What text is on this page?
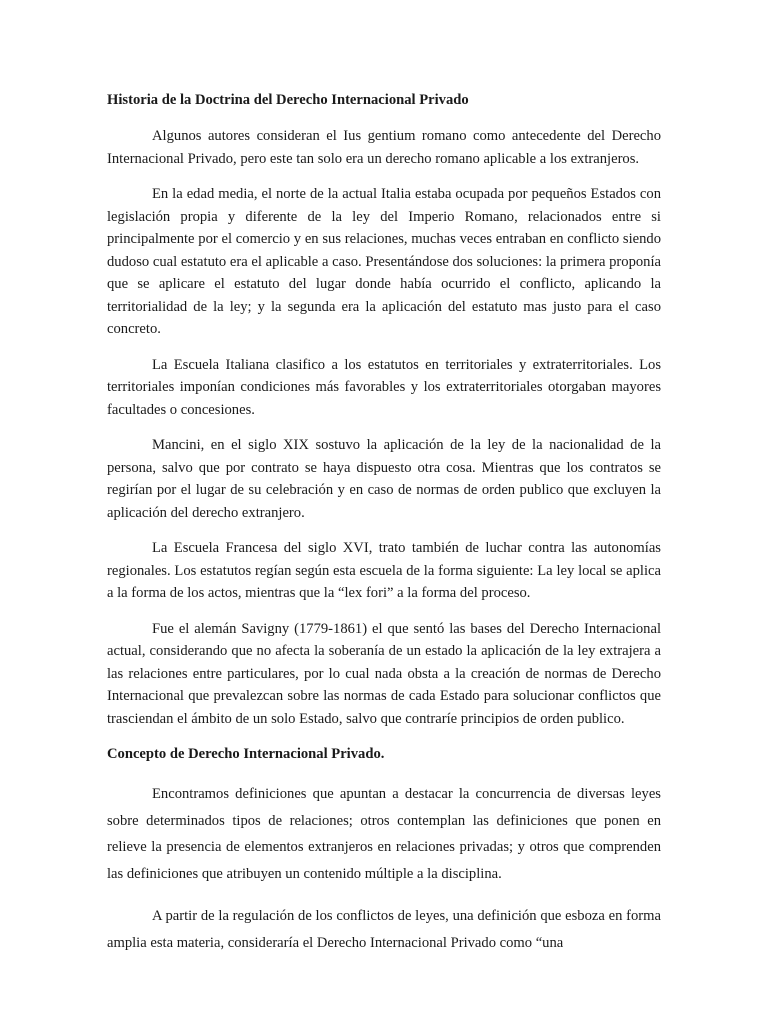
Historia de la Doctrina del Derecho Internacional Privado

Algunos autores consideran el Ius gentium romano como antecedente del Derecho Internacional Privado, pero este tan solo era un derecho romano aplicable a los extranjeros.

En la edad media, el norte de la actual Italia estaba ocupada por pequeños Estados con legislación propia y diferente de la ley del Imperio Romano, relacionados entre si principalmente por el comercio y en sus relaciones, muchas veces entraban en conflicto siendo dudoso cual estatuto era el aplicable a caso. Presentándose dos soluciones: la primera proponía que se aplicare el estatuto del lugar donde había ocurrido el conflicto, aplicando la territorialidad de la ley; y la segunda era la aplicación del estatuto mas justo para el caso concreto.

La Escuela Italiana clasifico a los estatutos en territoriales y extraterritoriales. Los territoriales imponían condiciones más favorables y los extraterritoriales otorgaban mayores facultades o concesiones.

Mancini, en el siglo XIX sostuvo la aplicación de la ley de la nacionalidad de la persona, salvo que por contrato se haya dispuesto otra cosa. Mientras que los contratos se regirían por el lugar de su celebración y en caso de normas de orden publico que excluyen la aplicación del derecho extranjero.

La Escuela Francesa del siglo XVI, trato también de luchar contra las autonomías regionales. Los estatutos regían según esta escuela de la forma siguiente: La ley local se aplica a la forma de los actos, mientras que la “lex fori” a la forma del proceso.

Fue el alemán Savigny (1779-1861) el que sentó las bases del Derecho Internacional actual, considerando que no afecta la soberanía de un estado la aplicación de la ley extrajera a las relaciones entre particulares, por lo cual nada obsta a la creación de normas de Derecho Internacional que prevalezcan sobre las normas de cada Estado para solucionar conflictos que trasciendan el ámbito de un solo Estado, salvo que contraríe principios de orden publico.

Concepto de Derecho Internacional Privado.

Encontramos definiciones que apuntan a destacar la concurrencia de diversas leyes sobre determinados tipos de relaciones; otros contemplan las definiciones que ponen en relieve la presencia de elementos extranjeros en relaciones privadas; y otros que comprenden las definiciones que atribuyen un contenido múltiple a la disciplina.

A partir de la regulación de los conflictos de leyes, una definición que esboza en forma amplia esta materia, consideraría el Derecho Internacional Privado como “una
